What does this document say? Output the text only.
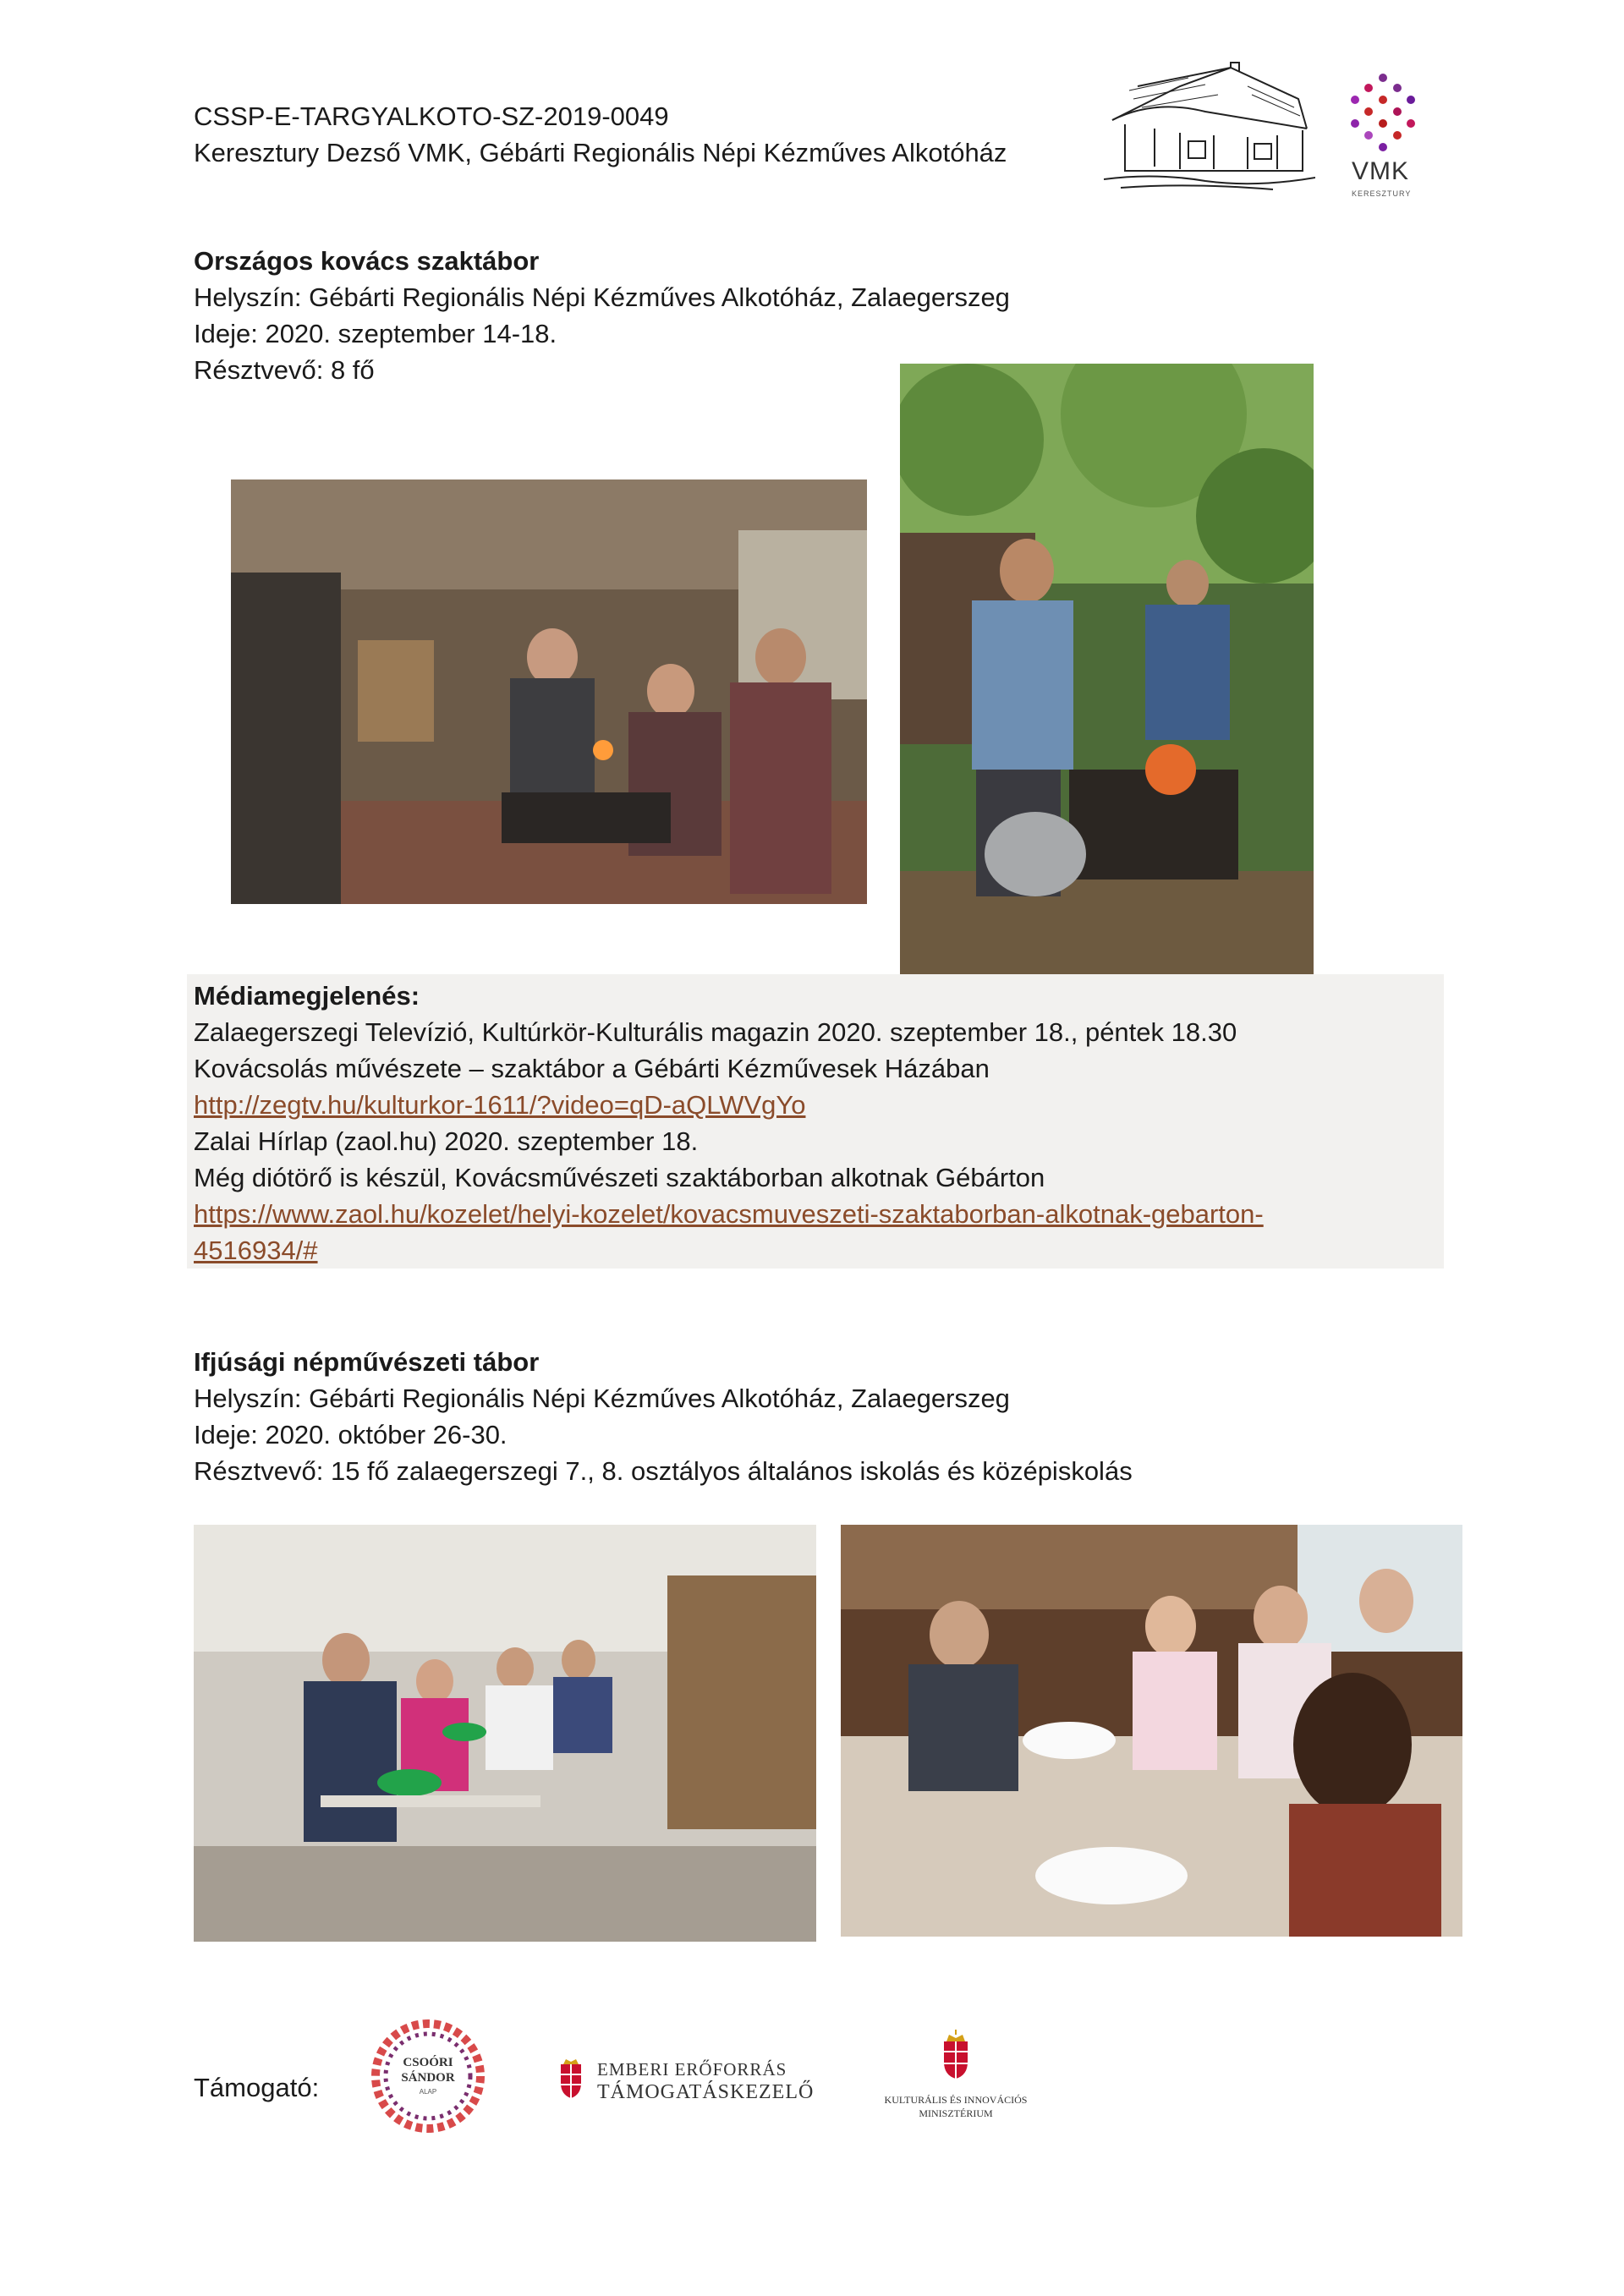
CSSP-E-TARGYALKOTO-SZ-2019-0049
Keresztury Dezső VMK, Gébárti Regionális Népi Kézműves Alkotóház
VMK
KERESZTURY
Országos kovács szaktábor
Helyszín: Gébárti Regionális Népi Kézműves Alkotóház, Zalaegerszeg
Ideje: 2020. szeptember 14-18.
Résztvevő: 8 fő
Médiamegjelenés:
Zalaegerszegi Televízió, Kultúrkör-Kulturális magazin 2020. szeptember 18., péntek 18.30
Kovácsolás művészete – szaktábor a Gébárti Kézművesek Házában
http://zegtv.hu/kulturkor-1611/?video=qD-aQLWVgYo
Zalai Hírlap (zaol.hu) 2020. szeptember 18.
Még diótörő is készül, Kovácsművészeti szaktáborban alkotnak Gébárton
https://www.zaol.hu/kozelet/helyi-kozelet/kovacsmuveszeti-szaktaborban-alkotnak-gebarton-
4516934/#
Ifjúsági népművészeti tábor
Helyszín: Gébárti Regionális Népi Kézműves Alkotóház, Zalaegerszeg
Ideje: 2020. október 26-30.
Résztvevő: 15 fő zalaegerszegi 7., 8. osztályos általános iskolás és középiskolás
Támogató:
CSOÓRI
SÁNDOR
ALAP
EMBERI ERŐFORRÁS
TÁMOGATÁSKEZELŐ	KULTURÁLIS ÉS INNOVÁCIÓS
MINISZTÉRIUM
